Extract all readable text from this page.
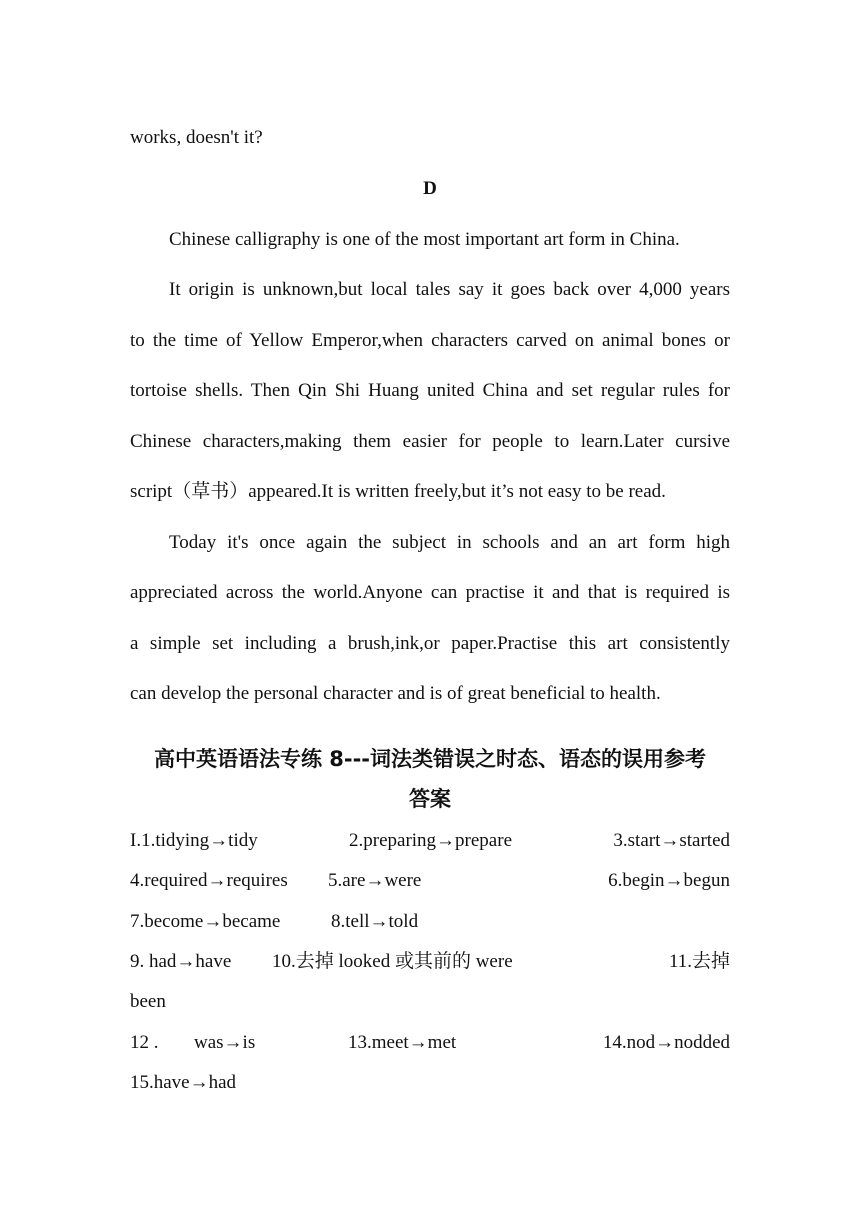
works, doesn't it?
D
Chinese calligraphy is one of the most important art form in China.
It origin is unknown,but local tales say it goes back over 4,000 years
to the time of Yellow Emperor,when characters carved on animal bones or
tortoise shells. Then Qin Shi Huang united China and set regular rules for
Chinese characters,making them easier for people to learn.Later cursive
script（草书）appeared.It is written freely,but it’s not easy to be read.
Today it's once again the subject in schools and an art form high
appreciated across the world.Anyone can practise it and that is required is
a simple set including a brush,ink,or paper.Practise this art consistently
can develop the personal character and is of great beneficial to health.
高中英语语法专练 8---词法类错误之时态、语态的误用参考
答案
I.1.tidying→tidy	2.preparing→prepare	3.start→started
4.required→requires 5.are→were	6.begin→begun
7.become→became	8.tell→told
9. had→have 10.去掉 looked 或其前的 were	11.去掉
been
12 . was→is	13.meet→met	14.nod→nodded
15.have→had
